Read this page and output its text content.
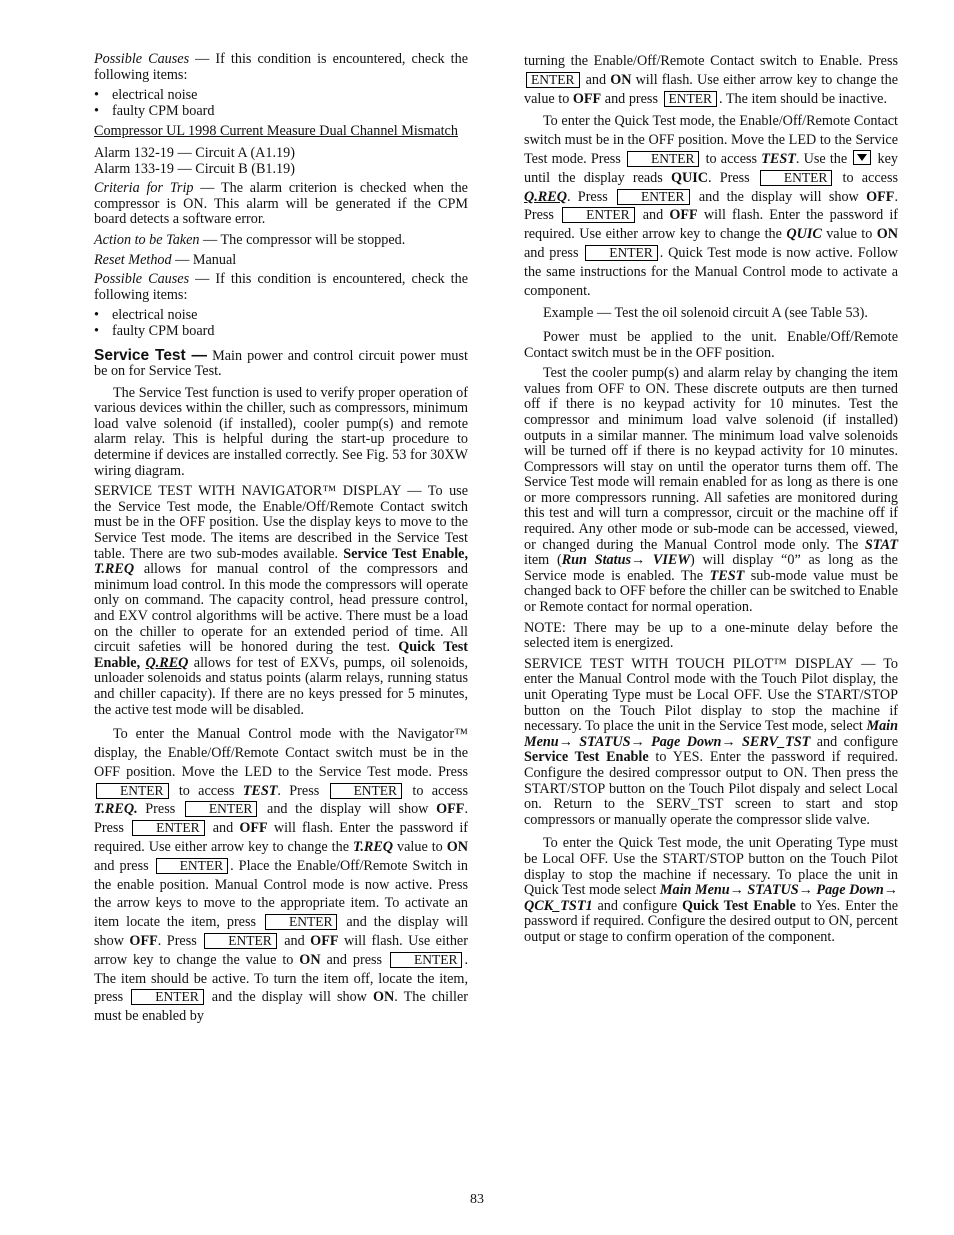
Possible Causes — If this condition is encountered, check the following items:

• electrical noise
• faulty CPM board

Compressor UL 1998 Current Measure Dual Channel Mismatch

Alarm 132-19 — Circuit A (A1.19)
Alarm 133-19 — Circuit B (B1.19)

Criteria for Trip — The alarm criterion is checked when the compressor is ON. This alarm will be generated if the CPM board detects a software error.

Action to be Taken — The compressor will be stopped.

Reset Method — Manual

Possible Causes — If this condition is encountered, check the following items:

• electrical noise
• faulty CPM board

Service Test — Main power and control circuit power must be on for Service Test.

The Service Test function is used to verify proper operation of various devices within the chiller, such as compressors, minimum load valve solenoid (if installed), cooler pump(s) and remote alarm relay. This is helpful during the start-up procedure to determine if devices are installed correctly. See Fig. 53 for 30XW wiring diagram.

SERVICE TEST WITH NAVIGATOR™ DISPLAY — To use the Service Test mode, the Enable/Off/Remote Contact switch must be in the OFF position. Use the display keys to move to the Service Test mode. The items are described in the Service Test table. There are two sub-modes available. Service Test Enable, T.REQ allows for manual control of the compressors and minimum load control. In this mode the compressors will operate only on command. The capacity control, head pressure control, and EXV control algorithms will be active. There must be a load on the chiller to operate for an extended period of time. All circuit safeties will be honored during the test. Quick Test Enable, Q.REQ allows for test of EXVs, pumps, oil solenoids, unloader solenoids and status points (alarm relays, running status and chiller capacity). If there are no keys pressed for 5 minutes, the active test mode will be disabled.

To enter the Manual Control mode with the Navigator™ display, the Enable/Off/Remote Contact switch must be in the OFF position. Move the LED to the Service Test mode. Press ENTER to access TEST. Press ENTER to access T.REQ. Press ENTER and the display will show OFF. Press ENTER and OFF will flash. Enter the password if required. Use either arrow key to change the T.REQ value to ON and press ENTER . Place the Enable/Off/Remote Switch in the enable position. Manual Control mode is now active. Press the arrow keys to move to the appropriate item. To activate an item locate the item, press ENTER and the display will show OFF. Press ENTER and OFF will flash. Use either arrow key to change the value to ON and press ENTER . The item should be active. To turn the item off, locate the item, press ENTER and the display will show ON. The chiller must be enabled by

turning the Enable/Off/Remote Contact switch to Enable. Press ENTER and ON will flash. Use either arrow key to change the value to OFF and press ENTER . The item should be inactive.

To enter the Quick Test mode, the Enable/Off/Remote Contact switch must be in the OFF position. Move the LED to the Service Test mode. Press ENTER to access TEST. Use the  key until the display reads QUIC. Press ENTER to access Q.REQ. Press ENTER and the display will show OFF. Press ENTER and OFF will flash. Enter the password if required. Use either arrow key to change the QUIC value to ON and press ENTER . Quick Test mode is now active. Follow the same instructions for the Manual Control mode to activate a component.

Example — Test the oil solenoid circuit A (see Table 53).

Power must be applied to the unit. Enable/Off/Remote Contact switch must be in the OFF position.

Test the cooler pump(s) and alarm relay by changing the item values from OFF to ON. These discrete outputs are then turned off if there is no keypad activity for 10 minutes. Test the compressor and minimum load valve solenoid (if installed) outputs in a similar manner. The minimum load valve solenoids will be turned off if there is no keypad activity for 10 minutes. Compressors will stay on until the operator turns them off. The Service Test mode will remain enabled for as long as there is one or more compressors running. All safeties are monitored during this test and will turn a compressor, circuit or the machine off if required. Any other mode or sub-mode can be accessed, viewed, or changed during the Manual Control mode only. The STAT item (Run Status→ VIEW) will display “0” as long as the Service mode is enabled. The TEST sub-mode value must be changed back to OFF before the chiller can be switched to Enable or Remote contact for normal operation.

NOTE: There may be up to a one-minute delay before the selected item is energized.

SERVICE TEST WITH TOUCH PILOT™ DISPLAY — To enter the Manual Control mode with the Touch Pilot display, the unit Operating Type must be Local OFF. Use the START/STOP button on the Touch Pilot display to stop the machine if necessary. To place the unit in the Service Test mode, select Main Menu→ STATUS→ Page Down→ SERV_TST and configure Service Test Enable to YES. Enter the password if required. Configure the desired compressor output to ON. Then press the START/STOP button on the Touch Pilot dispaly and select Local on. Return to the SERV_TST screen to start and stop compressors or manually operate the compressor slide valve.

To enter the Quick Test mode, the unit Operating Type must be Local OFF. Use the START/STOP button on the Touch Pilot display to stop the machine if necessary. To place the unit in Quick Test mode select Main Menu→ STATUS→ Page Down→ QCK_TST1 and configure Quick Test Enable to Yes. Enter the password if required. Configure the desired output to ON, percent output or stage to confirm operation of the component.

83
